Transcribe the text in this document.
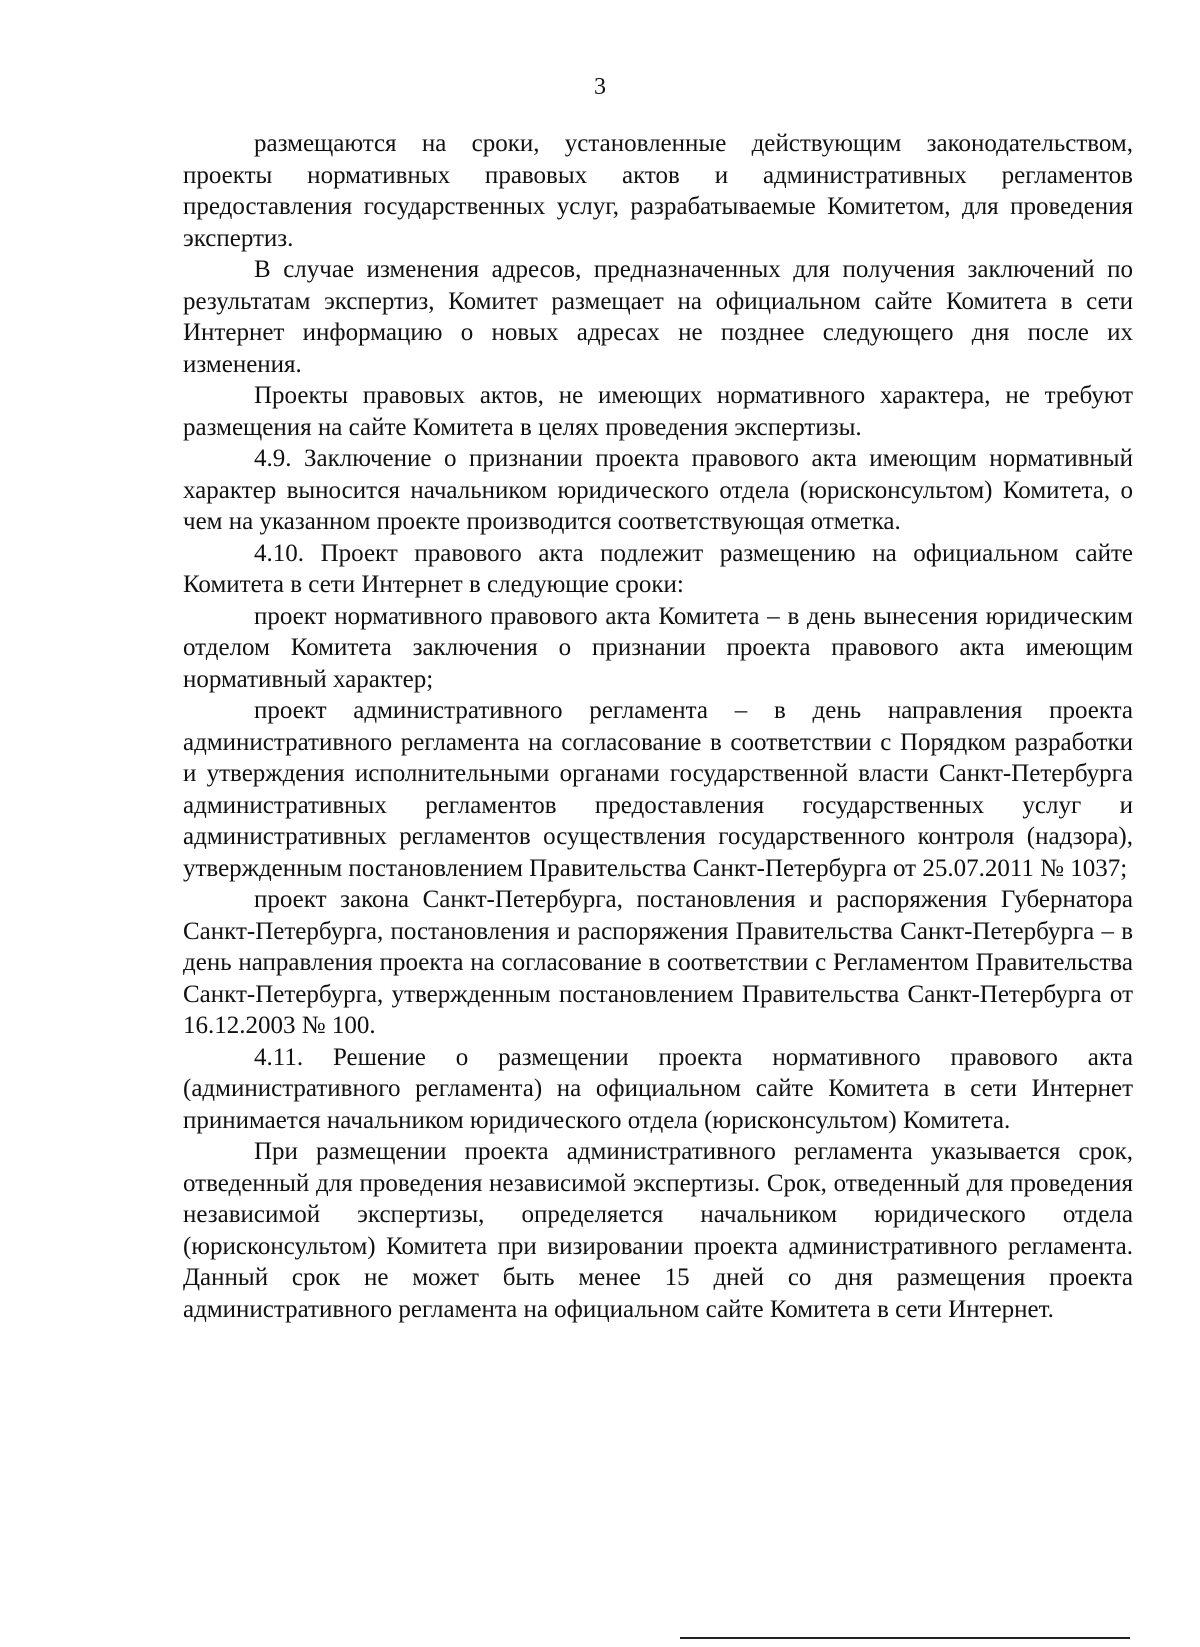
3

размещаются на сроки, установленные действующим законодательством, проекты нормативных правовых актов и административных регламентов предоставления государственных услуг, разрабатываемые Комитетом, для проведения экспертиз.

В случае изменения адресов, предназначенных для получения заключений по результатам экспертиз, Комитет размещает на официальном сайте Комитета в сети Интернет информацию о новых адресах не позднее следующего дня после их изменения.

Проекты правовых актов, не имеющих нормативного характера, не требуют размещения на сайте Комитета в целях проведения экспертизы.

4.9. Заключение о признании проекта правового акта имеющим нормативный характер выносится начальником юридического отдела (юрисконсультом) Комитета, о чем на указанном проекте производится соответствующая отметка.

4.10. Проект правового акта подлежит размещению на официальном сайте Комитета в сети Интернет в следующие сроки:

проект нормативного правового акта Комитета – в день вынесения юридическим отделом Комитета заключения о признании проекта правового акта имеющим нормативный характер;

проект административного регламента – в день направления проекта административного регламента на согласование в соответствии с Порядком разработки и утверждения исполнительными органами государственной власти Санкт-Петербурга административных регламентов предоставления государственных услуг и административных регламентов осуществления государственного контроля (надзора), утвержденным постановлением Правительства Санкт-Петербурга от 25.07.2011 № 1037;

проект закона Санкт-Петербурга, постановления и распоряжения Губернатора Санкт-Петербурга, постановления и распоряжения Правительства Санкт-Петербурга – в день направления проекта на согласование в соответствии с Регламентом Правительства Санкт-Петербурга, утвержденным постановлением Правительства Санкт-Петербурга от 16.12.2003 № 100.

4.11. Решение о размещении проекта нормативного правового акта (административного регламента) на официальном сайте Комитета в сети Интернет принимается начальником юридического отдела (юрисконсультом) Комитета.

При размещении проекта административного регламента указывается срок, отведенный для проведения независимой экспертизы. Срок, отведенный для проведения независимой экспертизы, определяется начальником юридического отдела (юрисконсультом) Комитета при визировании проекта административного регламента. Данный срок не может быть менее 15 дней со дня размещения проекта административного регламента на официальном сайте Комитета в сети Интернет.
